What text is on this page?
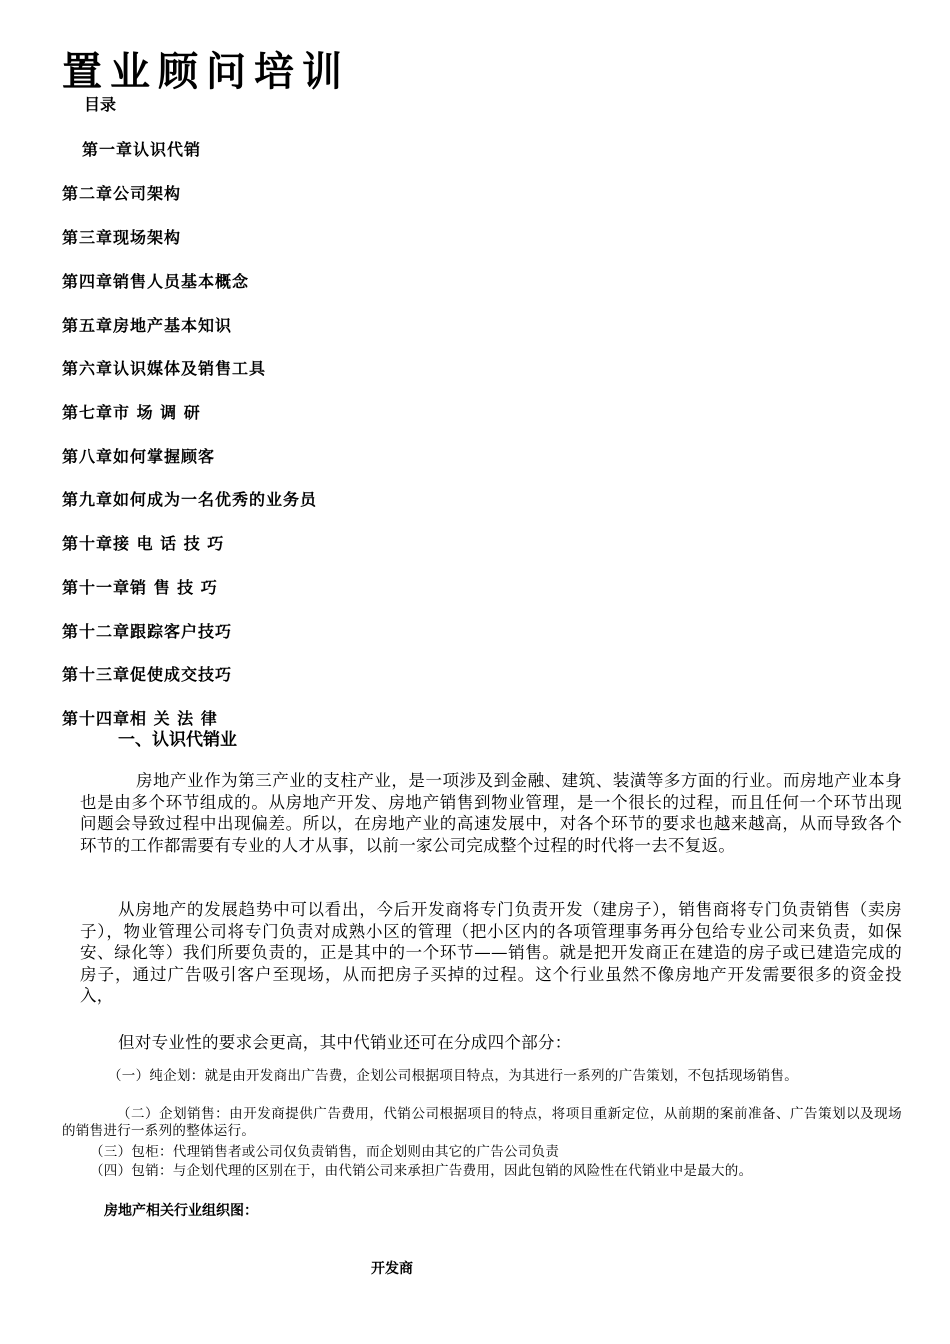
置业顾问培训
目录
第一章认识代销
第二章公司架构
第三章现场架构
第四章销售人员基本概念
第五章房地产基本知识
第六章认识媒体及销售工具
第七章市 场 调 研
第八章如何掌握顾客
第九章如何成为一名优秀的业务员
第十章接 电 话 技 巧
第十一章销 售 技 巧
第十二章跟踪客户技巧
第十三章促使成交技巧
第十四章相 关 法 律
一、认识代销业
房地产业作为第三产业的支柱产业，是一项涉及到金融、建筑、装潢等多方面的行业。而房地产业本身也是由多个环节组成的。从房地产开发、房地产销售到物业管理，是一个很长的过程，而且任何一个环节出现问题会导致过程中出现偏差。所以，在房地产业的高速发展中，对各个环节的要求也越来越高，从而导致各个环节的工作都需要有专业的人才从事，以前一家公司完成整个过程的时代将一去不复返。
从房地产的发展趋势中可以看出，今后开发商将专门负责开发（建房子），销售商将专门负责销售（卖房子），物业管理公司将专门负责对成熟小区的管理（把小区内的各项管理事务再分包给专业公司来负责，如保安、绿化等）我们所要负责的，正是其中的一个环节——销售。就是把开发商正在建造的房子或已建造完成的房子，通过广告吸引客户至现场，从而把房子买掉的过程。这个行业虽然不像房地产开发需要很多的资金投入，
但对专业性的要求会更高，其中代销业还可在分成四个部分：
（一）纯企划：就是由开发商出广告费，企划公司根据项目特点，为其进行一系列的广告策划，不包括现场销售。
（二）企划销售：由开发商提供广告费用，代销公司根据项目的特点，将项目重新定位，从前期的案前准备、广告策划以及现场的销售进行一系列的整体运行。
（三）包柜：代理销售者或公司仅负责销售，而企划则由其它的广告公司负责
（四）包销：与企划代理的区别在于，由代销公司来承担广告费用，因此包销的风险性在代销业中是最大的。
房地产相关行业组织图：
开发商
